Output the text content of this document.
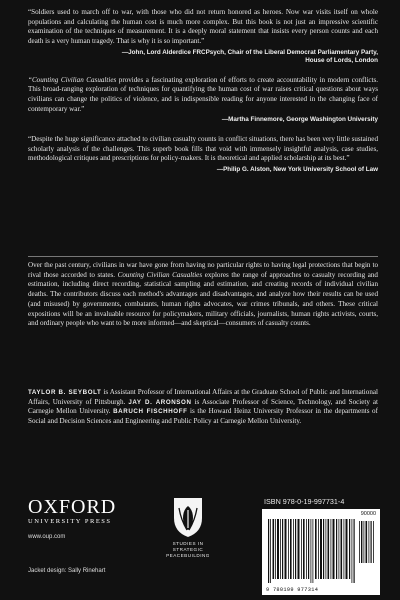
“Soldiers used to march off to war, with those who did not return honored as heroes. Now war visits itself on whole populations and calculating the human cost is much more complex. But this book is not just an impressive scientific examination of the techniques of measurement. It is a deeply moral statement that insists every person counts and each death is a very human tragedy. That is why it is so important.”

—John, Lord Alderdice FRCPsych, Chair of the Liberal Democrat Parliamentary Party,
House of Lords, London

“Counting Civilian Casualties provides a fascinating exploration of efforts to create accountability in modern conflicts. This broad-ranging exploration of techniques for quantifying the human cost of war raises critical questions about ways civilians can change the politics of violence, and is indispensible reading for anyone interested in the changing face of contemporary war.”

—Martha Finnemore, George Washington University

“Despite the huge significance attached to civilian casualty counts in conflict situations, there has been very little sustained scholarly analysis of the challenges. This superb book fills that void with immensely insightful analysis, case studies, methodological critiques and prescriptions for policy-makers. It is theoretical and applied scholarship at its best.”

—Philip G. Alston, New York University School of Law

Over the past century, civilians in war have gone from having no particular rights to having legal protections that begin to rival those accorded to states. Counting Civilian Casualties explores the range of approaches to casualty recording and estimation, including direct recording, statistical sampling and estimation, and creating records of individual civilian deaths. The contributors discuss each method's advantages and disadvantages, and analyze how their results can be used (and misused) by governments, combatants, human rights advocates, war crimes tribunals, and others. These critical expositions will be an invaluable resource for policymakers, military officials, journalists, human rights activists, courts, and ordinary people who want to be more informed—and skeptical—consumers of casualty counts.

TAYLOR B. SEYBOLT is Assistant Professor of International Affairs at the Graduate School of Public and International Affairs, University of Pittsburgh. JAY D. ARONSON is Associate Professor of Science, Technology, and Society at Carnegie Mellon University. BARUCH FISCHHOFF is the Howard Heinz University Professor in the departments of Social and Decision Sciences and Engineering and Public Policy at Carnegie Mellon University.

OXFORD
UNIVERSITY PRESS
www.oup.com
Jacket design: Sally Rinehart
STUDIES IN
STRATEGIC
PEACEBUILDING
ISBN 978-0-19-997731-4
90000
9 780199 977314
